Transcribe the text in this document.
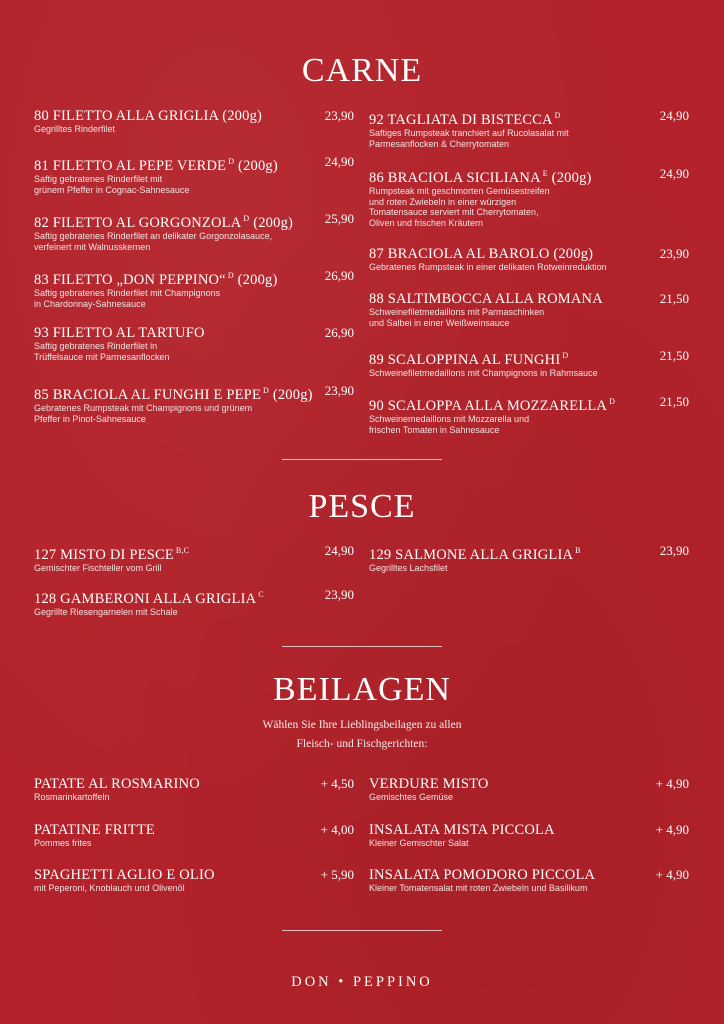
CARNE
80 FILETTO ALLA GRIGLIA (200g)	23,90
Gegrilltes Rinderfilet
81 FILETTO AL PEPE VERDE $^D$ (200g)	24,90
Saftig gebratenes Rinderfilet mit
grünem Pfeffer in Cognac-Sahnesauce
82 FILETTO AL GORGONZOLA $^D$ (200g)	25,90
Saftig gebratenes Rinderfilet an delikater Gorgonzolasauce,
verfeinert mit Walnusskernen
83 FILETTO „DON PEPPINO“ $^D$ (200g)	26,90
Saftig gebratenes Rinderfilet mit Champignons
in Chardonnay-Sahnesauce
93 FILETTO AL TARTUFO	26,90
Saftig gebratenes Rinderfilet in
Trüffelsauce mit Parmesanflocken
85 BRACIOLA AL FUNGHI E PEPE $^D$ (200g) 23,90
Gebratenes Rumpsteak mit Champignons und grünem
Pfeffer in Pinot-Sahnesauce
92 TAGLIATA DI BISTECCA $^D$	24,90
Saftiges Rumpsteak tranchiert auf Rucolasalat mit
Parmesanflocken & Cherrytomaten
86 BRACIOLA SICILIANA $^E$ (200g)	24,90
Rumpsteak mit geschmorten Gemüsestreifen
und roten Zwiebeln in einer würzigen
Tomatensauce serviert mit Cherrytomaten,
Oliven und frischen Kräutern
87 BRACIOLA AL BAROLO (200g)	23,90
Gebratenes Rumpsteak in einer delikaten Rotweinreduktion
88 SALTIMBOCCA ALLA ROMANA	21,50
Schweinefiletmedaillons mit Parmaschinken
und Salbei in einer Weißweinsauce
89 SCALOPPINA AL FUNGHI $^D$	21,50
Schweinefiletmedaillons mit Champignons in Rahmsauce
90 SCALOPPA ALLA MOZZARELLA $^D$	21,50
Schweinemedaillons mit Mozzarella und
frischen Tomaten in Sahnesauce
PESCE
127 MISTO DI PESCE $^{B,C}$	24,90
Gemischter Fischteller vom Grill
128 GAMBERONI ALLA GRIGLIA $^C$	23,90
Gegrillte Riesengarnelen mit Schale
129 SALMONE ALLA GRIGLIA $^B$	23,90
Gegrilltes Lachsfilet
BEILAGEN
Wählen Sie Ihre Lieblingsbeilagen zu allen
Fleisch- und Fischgerichten:
PATATE AL ROSMARINO	+ 4,50
Rosmarinkartoffeln
PATATINE FRITTE	+ 4,00
Pommes frites
SPAGHETTI AGLIO E OLIO	+ 5,90
mit Peperoni, Knoblauch und Olivenöl
VERDURE MISTO	+ 4,90
Gemischtes Gemüse
INSALATA MISTA PICCOLA	+ 4,90
Kleiner Gemischter Salat
INSALATA POMODORO PICCOLA	+ 4,90
Kleiner Tomatensalat mit roten Zwiebeln und Basilikum
DON • PEPPINO
